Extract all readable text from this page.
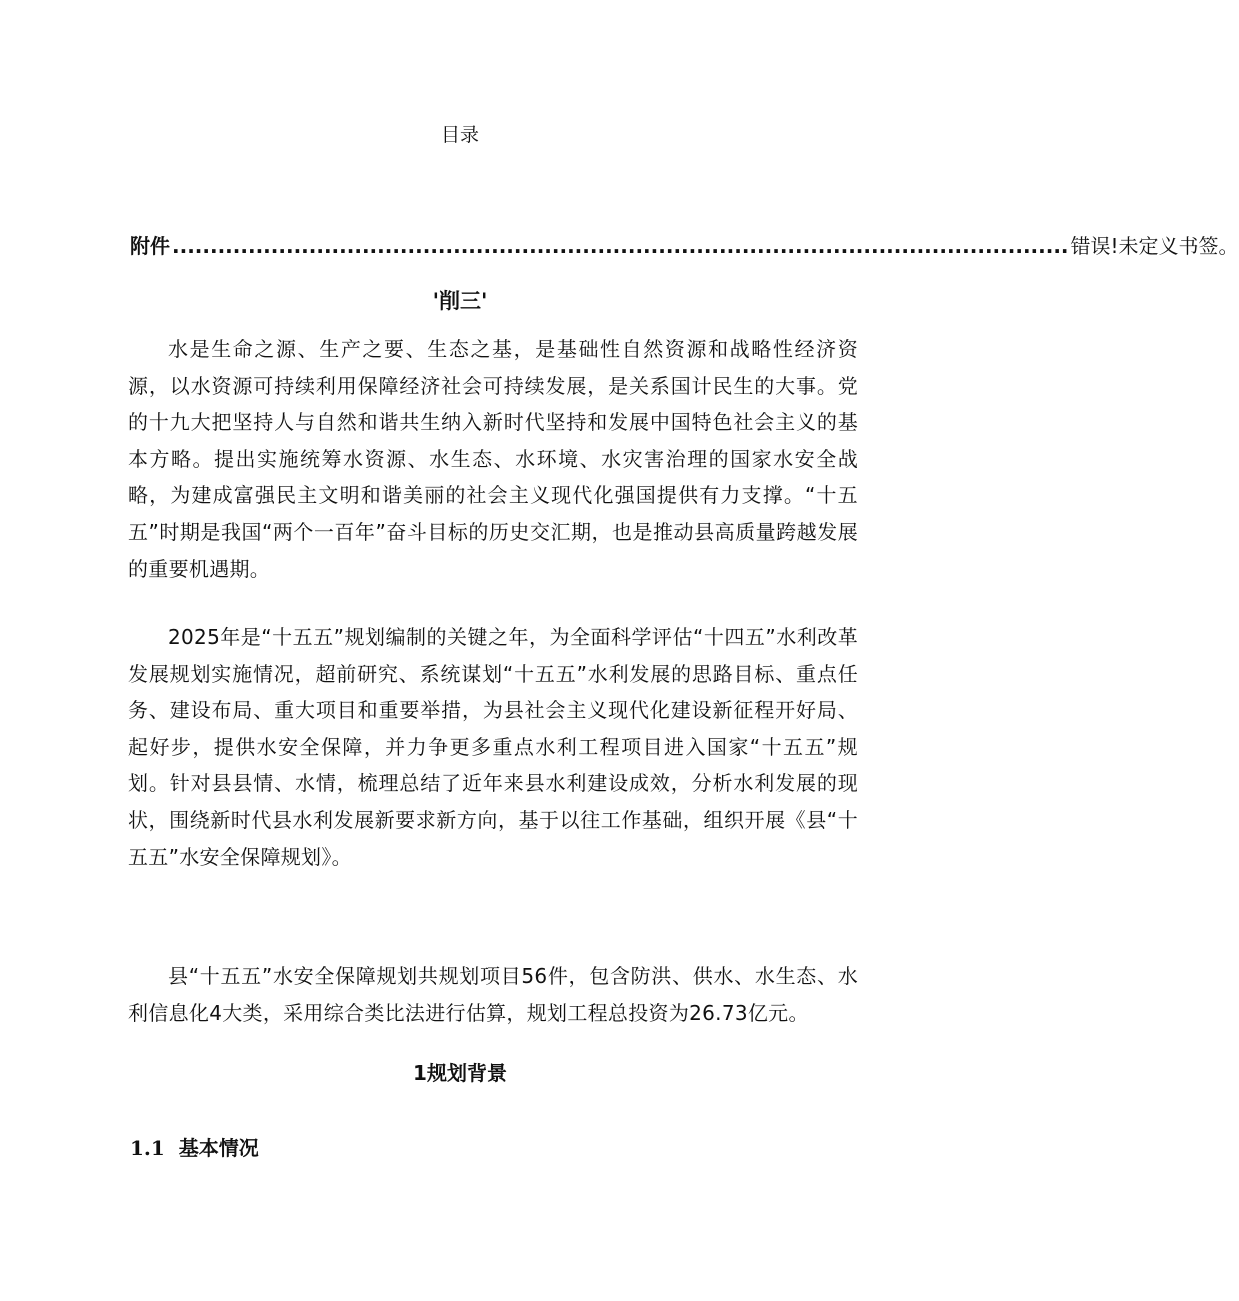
目录
附件 ...................................................................................................................... 错误!未定义书签。
'削三'

水是生命之源、生产之要、生态之基，是基础性自然资源和战略性经济资源，以水资源可持续利用保障经济社会可持续发展，是关系国计民生的大事。党的十九大把坚持人与自然和谐共生纳入新时代坚持和发展中国特色社会主义的基本方略。提出实施统筹水资源、水生态、水环境、水灾害治理的国家水安全战略，为建成富强民主文明和谐美丽的社会主义现代化强国提供有力支撑。“十五五”时期是我国“两个一百年”奋斗目标的历史交汇期，也是推动县高质量跨越发展的重要机遇期。

2025年是“十五五”规划编制的关键之年，为全面科学评估“十四五”水利改革发展规划实施情况，超前研究、系统谋划“十五五”水利发展的思路目标、重点任务、建设布局、重大项目和重要举措，为县社会主义现代化建设新征程开好局、起好步，提供水安全保障，并力争更多重点水利工程项目进入国家“十五五”规划。针对县县情、水情，梳理总结了近年来县水利建设成效，分析水利发展的现状，围绕新时代县水利发展新要求新方向，基于以往工作基础，组织开展《县“十五五”水安全保障规划》。

县“十五五”水安全保障规划共规划项目56件，包含防洪、供水、水生态、水利信息化4大类，采用综合类比法进行估算，规划工程总投资为26.73亿元。

1规划背景
1.1 基本情况
